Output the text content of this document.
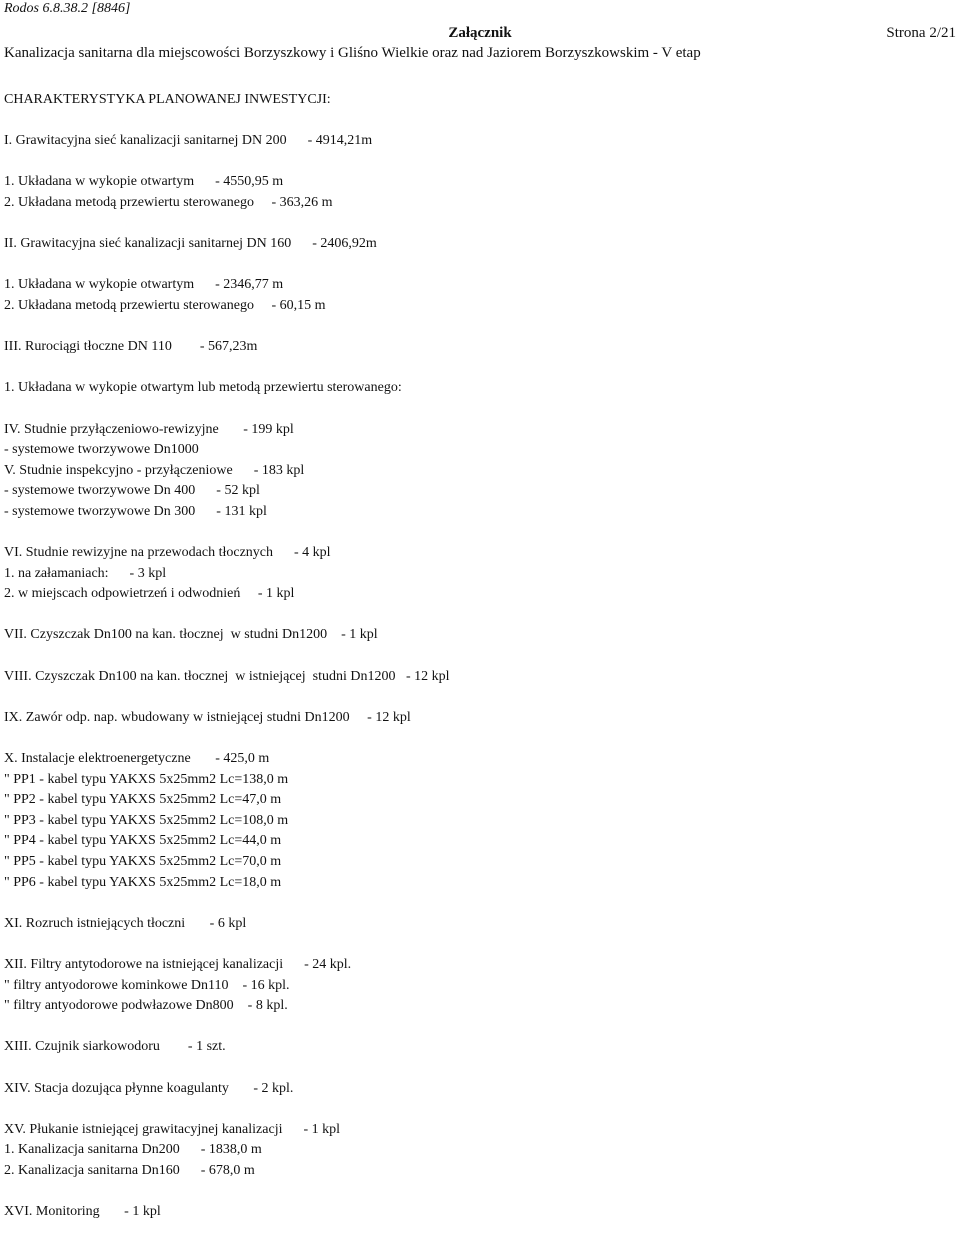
Rodos 6.8.38.2 [8846]
Załącznik	Strona 2/21
Kanalizacja sanitarna dla miejscowości Borzyszkowy i Gliśno Wielkie oraz nad Jaziorem Borzyszkowskim - V etap
CHARAKTERYSTYKA PLANOWANEJ INWESTYCJI:
I. Grawitacyjna sieć kanalizacji sanitarnej DN 200      - 4914,21m
1. Układana w wykopie otwartym      - 4550,95 m
2. Układana metodą przewiertu sterowanego     - 363,26 m
II. Grawitacyjna sieć kanalizacji sanitarnej DN 160      - 2406,92m
1. Układana w wykopie otwartym      - 2346,77 m
2. Układana metodą przewiertu sterowanego     - 60,15 m
III. Rurociągi tłoczne DN 110        - 567,23m
1. Układana w wykopie otwartym lub metodą przewiertu sterowanego:
IV. Studnie przyłączeniowo-rewizyjne       - 199 kpl
- systemowe tworzywowe Dn1000
V. Studnie inspekcyjno - przyłączeniowe      - 183 kpl
- systemowe tworzywowe Dn 400      - 52 kpl
- systemowe tworzywowe Dn 300      - 131 kpl
VI. Studnie rewizyjne na przewodach tłocznych      - 4 kpl
1. na załamaniach:      - 3 kpl
2. w miejscach odpowietrzeń i odwodnień     - 1 kpl
VII. Czyszczak Dn100 na kan. tłocznej  w studni Dn1200    - 1 kpl
VIII. Czyszczak Dn100 na kan. tłocznej  w istniejącej  studni Dn1200   - 12 kpl
IX. Zawór odp. nap. wbudowany w istniejącej studni Dn1200     - 12 kpl
X. Instalacje elektroenergetyczne       - 425,0 m
" PP1 - kabel typu YAKXS 5x25mm2 Lc=138,0 m
" PP2 - kabel typu YAKXS 5x25mm2 Lc=47,0 m
" PP3 - kabel typu YAKXS 5x25mm2 Lc=108,0 m
" PP4 - kabel typu YAKXS 5x25mm2 Lc=44,0 m
" PP5 - kabel typu YAKXS 5x25mm2 Lc=70,0 m
" PP6 - kabel typu YAKXS 5x25mm2 Lc=18,0 m
XI. Rozruch istniejących tłoczni       - 6 kpl
XII. Filtry antytodorowe na istniejącej kanalizacji      - 24 kpl.
" filtry antyodorowe kominkowe Dn110    - 16 kpl.
" filtry antyodorowe podwłazowe Dn800    - 8 kpl.
XIII. Czujnik siarkowodoru        - 1 szt.
XIV. Stacja dozująca płynne koagulanty       - 2 kpl.
XV. Płukanie istniejącej grawitacyjnej kanalizacji      - 1 kpl
1. Kanalizacja sanitarna Dn200      - 1838,0 m
2. Kanalizacja sanitarna Dn160      - 678,0 m
XVI. Monitoring       - 1 kpl
